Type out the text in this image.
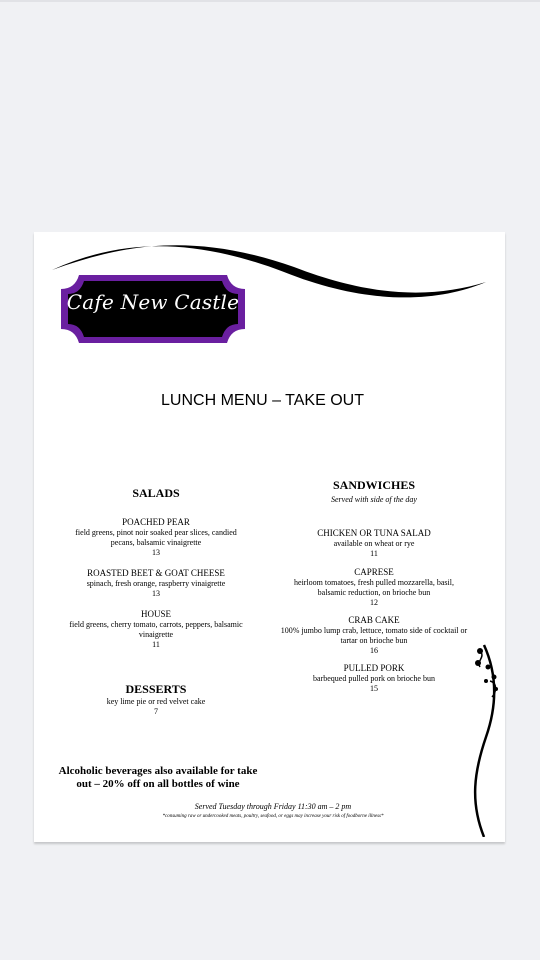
Cafe New Castle
LUNCH MENU – TAKE OUT
SALADS
POACHED PEAR
field greens, pinot noir soaked pear slices, candied pecans, balsamic vinaigrette
13
ROASTED BEET & GOAT CHEESE
spinach, fresh orange, raspberry vinaigrette
13
HOUSE
field greens, cherry tomato, carrots, peppers, balsamic vinaigrette
11
DESSERTS
key lime pie or red velvet cake
7
SANDWICHES
Served with side of the day
CHICKEN OR TUNA SALAD
available on wheat or rye
11
CAPRESE
heirloom tomatoes, fresh pulled mozzarella, basil, balsamic reduction, on brioche bun
12
CRAB CAKE
100% jumbo lump crab, lettuce, tomato side of cocktail or tartar on brioche bun
16
PULLED PORK
barbequed pulled pork on brioche bun
15
Alcoholic beverages also available for take out – 20% off on all bottles of wine
Served Tuesday through Friday 11:30 am – 2 pm
*consuming raw or undercooked meats, poultry, seafood, or eggs may increase your risk of foodborne illness*
